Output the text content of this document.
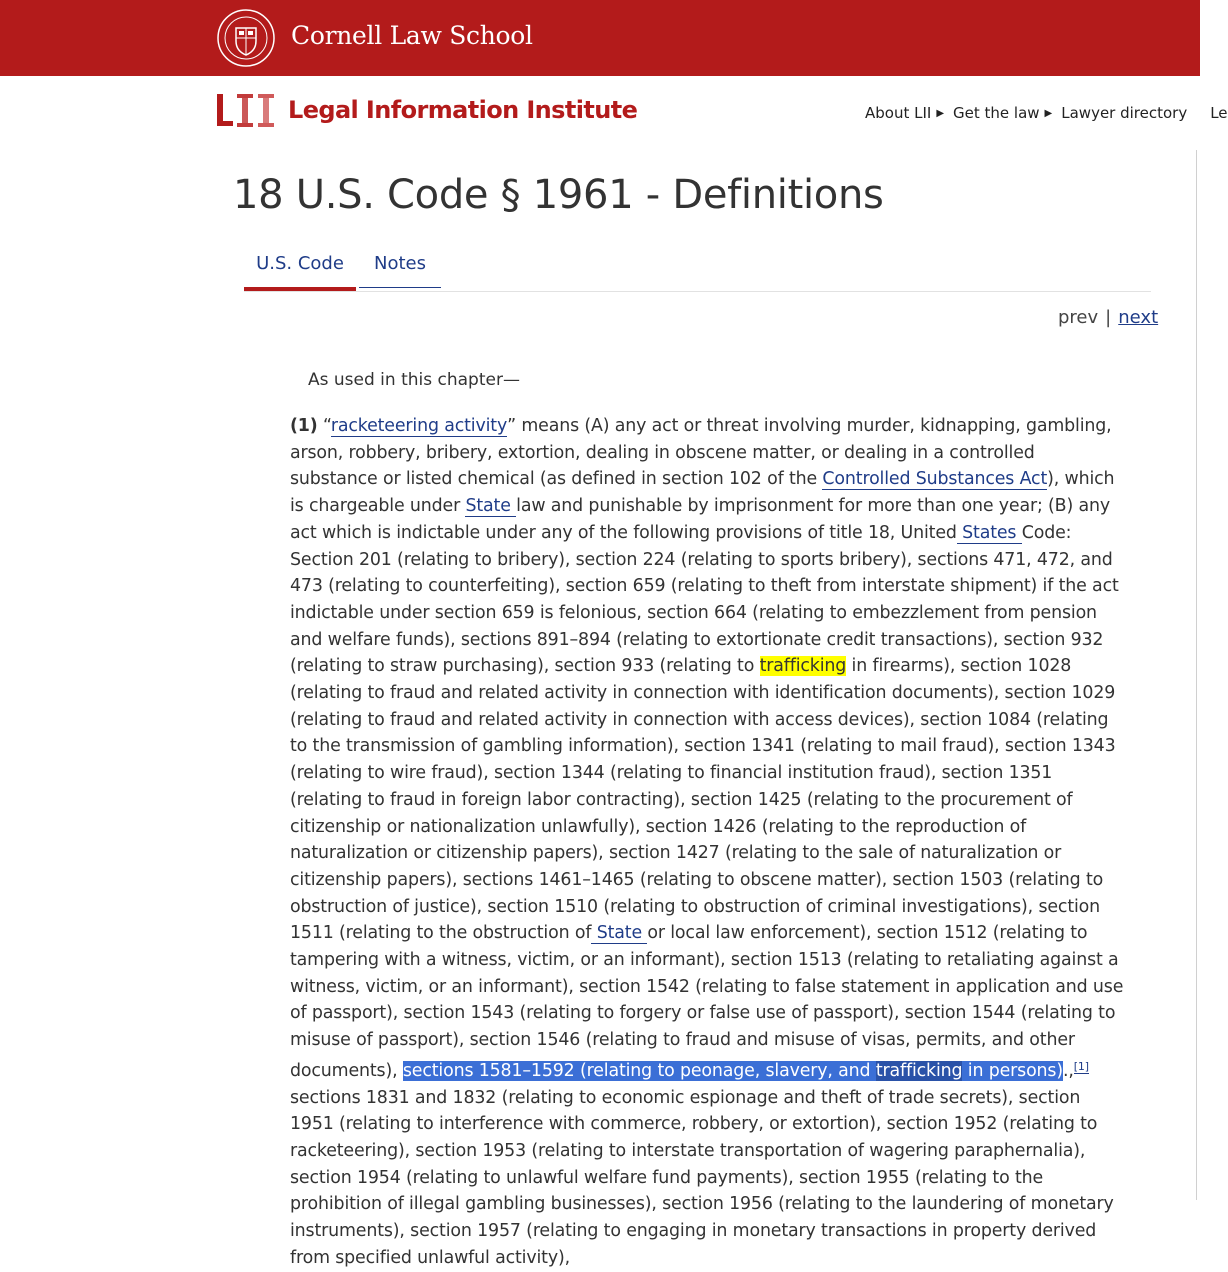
Cornell Law School
Legal Information Institute	About LII ▶ Get the law ▶ Lawyer directory Le
18 U.S. Code § 1961 - Definitions
U.S. Code Notes
prev | next
As used in this chapter—
(1) “racketeering activity” means (A) any act or threat involving murder, kidnapping, gambling, arson, robbery, bribery, extortion, dealing in obscene matter, or dealing in a controlled substance or listed chemical (as defined in section 102 of the Controlled Substances Act), which is chargeable under State law and punishable by imprisonment for more than one year; (B) any act which is indictable under any of the following provisions of title 18, United States Code: Section 201 (relating to bribery), section 224 (relating to sports bribery), sections 471, 472, and 473 (relating to counterfeiting), section 659 (relating to theft from interstate shipment) if the act indictable under section 659 is felonious, section 664 (relating to embezzlement from pension and welfare funds), sections 891–894 (relating to extortionate credit transactions), section 932 (relating to straw purchasing), section 933 (relating to trafficking in firearms), section 1028 (relating to fraud and related activity in connection with identification documents), section 1029 (relating to fraud and related activity in connection with access devices), section 1084 (relating to the transmission of gambling information), section 1341 (relating to mail fraud), section 1343 (relating to wire fraud), section 1344 (relating to financial institution fraud), section 1351 (relating to fraud in foreign labor contracting), section 1425 (relating to the procurement of citizenship or nationalization unlawfully), section 1426 (relating to the reproduction of naturalization or citizenship papers), section 1427 (relating to the sale of naturalization or citizenship papers), sections 1461–1465 (relating to obscene matter), section 1503 (relating to obstruction of justice), section 1510 (relating to obstruction of criminal investigations), section 1511 (relating to the obstruction of State or local law enforcement), section 1512 (relating to tampering with a witness, victim, or an informant), section 1513 (relating to retaliating against a witness, victim, or an informant), section 1542 (relating to false statement in application and use of passport), section 1543 (relating to forgery or false use of passport), section 1544 (relating to misuse of passport), section 1546 (relating to fraud and misuse of visas, permits, and other documents), sections 1581–1592 (relating to peonage, slavery, and trafficking in persons).,[1] sections 1831 and 1832 (relating to economic espionage and theft of trade secrets), section 1951 (relating to interference with commerce, robbery, or extortion), section 1952 (relating to racketeering), section 1953 (relating to interstate transportation of wagering paraphernalia), section 1954 (relating to unlawful welfare fund payments), section 1955 (relating to the prohibition of illegal gambling businesses), section 1956 (relating to the laundering of monetary instruments), section 1957 (relating to engaging in monetary transactions in property derived from specified unlawful activity),
